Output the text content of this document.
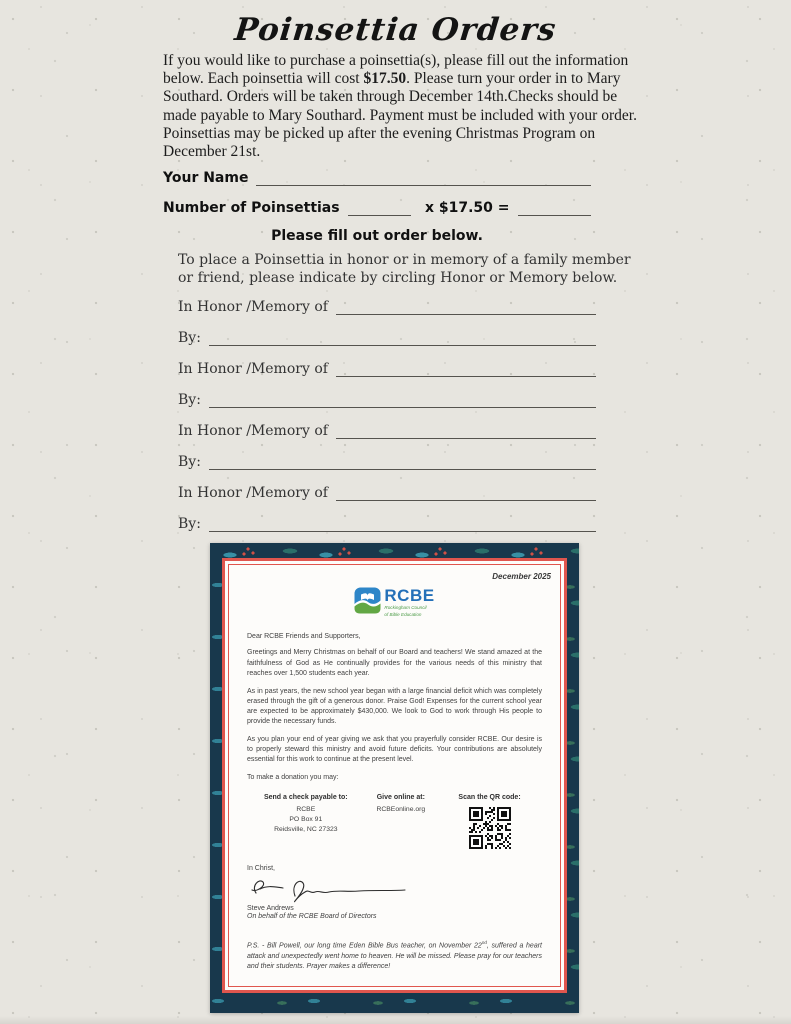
Poinsettia Orders

If you would like to purchase a poinsettia(s), please fill out the information below. Each poinsettia will cost $17.50. Please turn your order in to Mary Southard. Orders will be taken through December 14th.Checks should be made payable to Mary Southard. Payment must be included with your order. Poinsettias may be picked up after the evening Christmas Program on December 21st.

Your Name
Number of Poinsettias	x $17.50 =
Please fill out order below.

To place a Poinsettia in honor or in memory of a family member or friend, please indicate by circling Honor or Memory below.

In Honor /Memory of
By:
In Honor /Memory of
By:
In Honor /Memory of
By:
In Honor /Memory of
By:
December 2025
RCBE
Rockingham Council
of Bible Education

Dear RCBE Friends and Supporters,

Greetings and Merry Christmas on behalf of our Board and teachers! We stand amazed at the faithfulness of God as He continually provides for the various needs of this ministry that reaches over 1,500 students each year.

As in past years, the new school year began with a large financial deficit which was completely erased through the gift of a generous donor. Praise God! Expenses for the current school year are expected to be approximately $430,000. We look to God to work through His people to provide the necessary funds.

As you plan your end of year giving we ask that you prayerfully consider RCBE. Our desire is to properly steward this ministry and avoid future deficits. Your contributions are absolutely essential for this work to continue at the present level.

To make a donation you may:

Send a check payable to:
RCBE
PO Box 91
Reidsville, NC 27323
Give online at:
RCBEonline.org
Scan the QR code:

In Christ,

Steve Andrews
On behalf of the RCBE Board of Directors

P.S. - Bill Powell, our long time Eden Bible Bus teacher, on November 22nd, suffered a heart attack and unexpectedly went home to heaven. He will be missed. Please pray for our teachers and their students. Prayer makes a difference!
